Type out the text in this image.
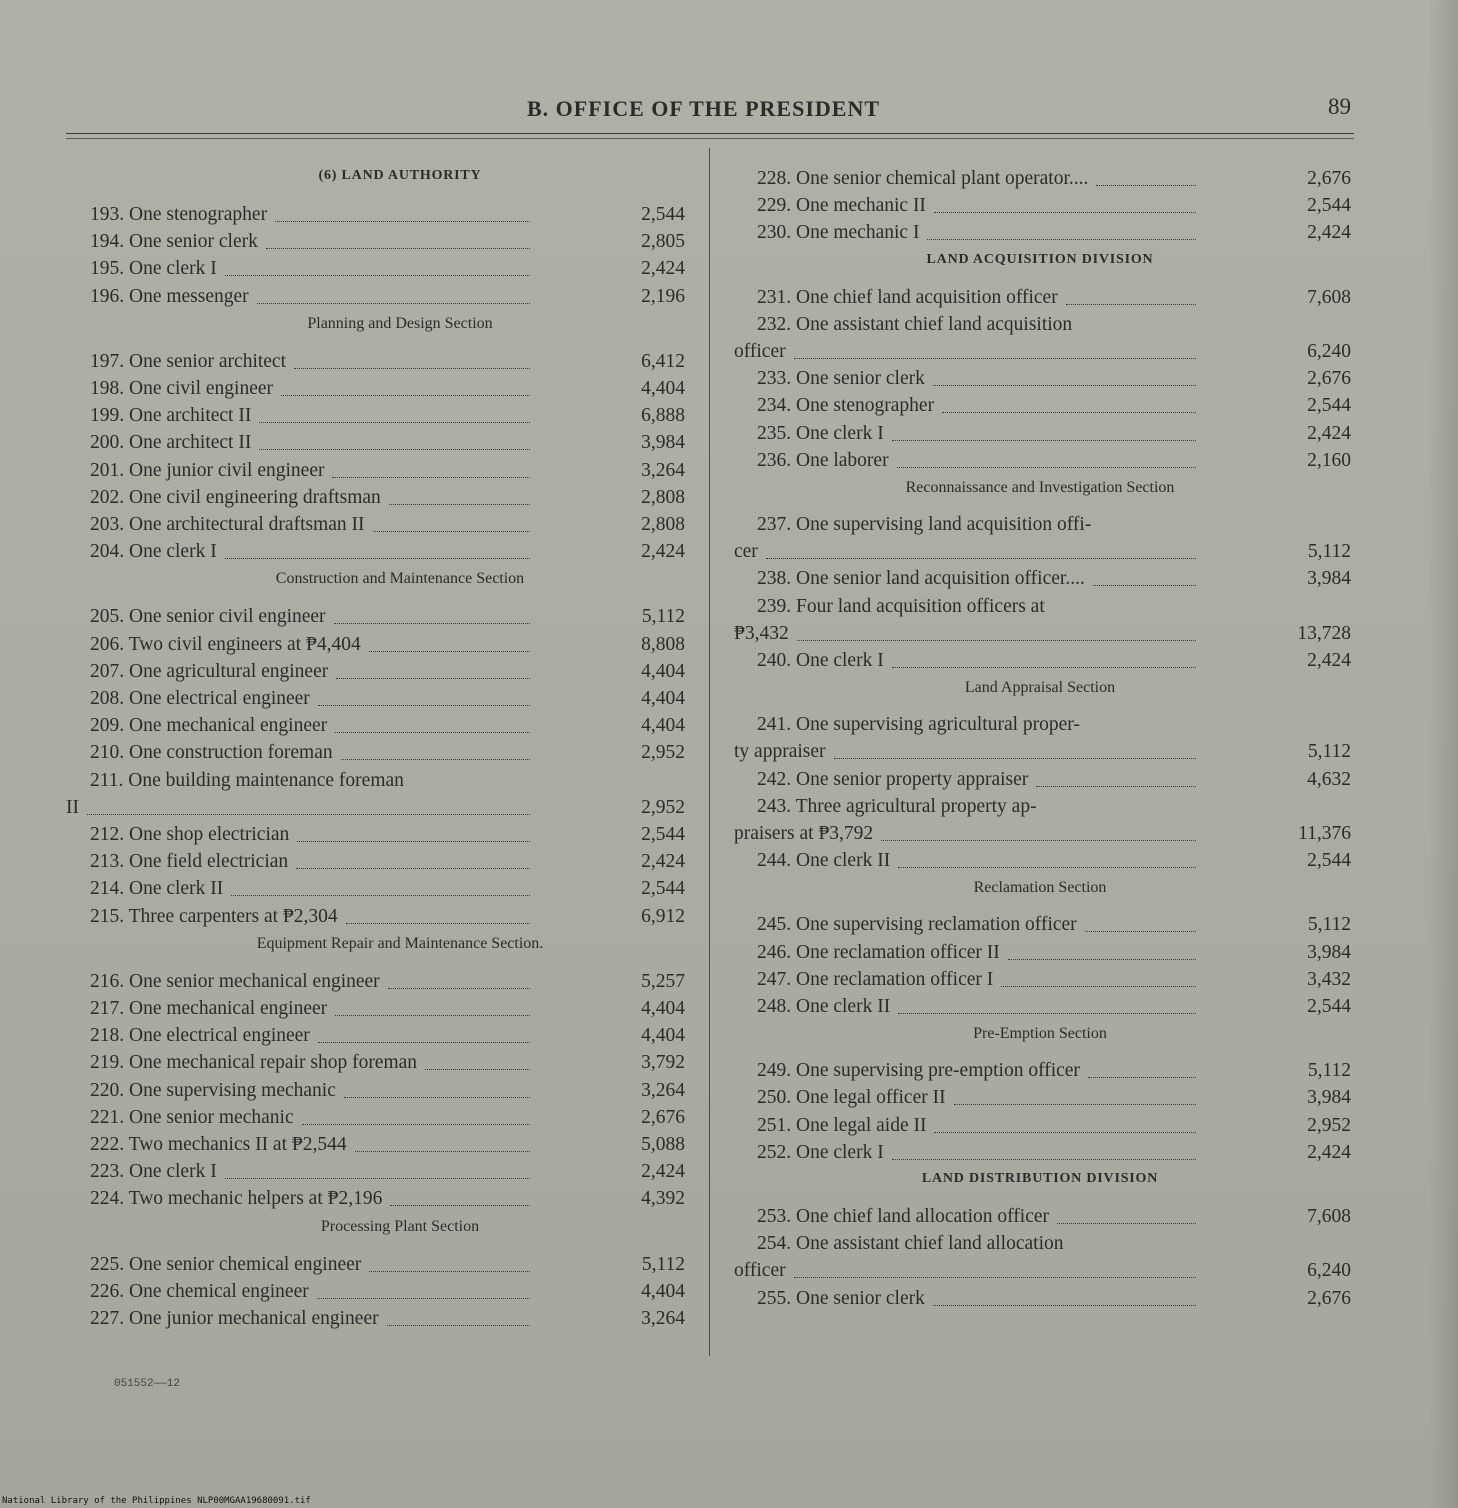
B. OFFICE OF THE PRESIDENT	89
(6) LAND AUTHORITY
193. One stenographer	2,544
194. One senior clerk	2,805
195. One clerk I	2,424
196. One messenger	2,196
Planning and Design Section
197. One senior architect	6,412
198. One civil engineer	4,404
199. One architect II	6,888
200. One architect II	3,984
201. One junior civil engineer	3,264
202. One civil engineering draftsman	2,808
203. One architectural draftsman II	2,808
204. One clerk I	2,424
Construction and Maintenance Section
205. One senior civil engineer	5,112
206. Two civil engineers at ₱4,404	8,808
207. One agricultural engineer	4,404
208. One electrical engineer	4,404
209. One mechanical engineer	4,404
210. One construction foreman	2,952
211. One building maintenance foreman
II	2,952
212. One shop electrician	2,544
213. One field electrician	2,424
214. One clerk II	2,544
215. Three carpenters at ₱2,304	6,912
Equipment Repair and Maintenance Section.
216. One senior mechanical engineer	5,257
217. One mechanical engineer	4,404
218. One electrical engineer	4,404
219. One mechanical repair shop foreman	3,792
220. One supervising mechanic	3,264
221. One senior mechanic	2,676
222. Two mechanics II at ₱2,544	5,088
223. One clerk I	2,424
224. Two mechanic helpers at ₱2,196	4,392
Processing Plant Section
225. One senior chemical engineer	5,112
226. One chemical engineer	4,404
227. One junior mechanical engineer	3,264
228. One senior chemical plant operator....	2,676
229. One mechanic II	2,544
230. One mechanic I	2,424
LAND ACQUISITION DIVISION
231. One chief land acquisition officer	7,608
232. One assistant chief land acquisition
officer	6,240
233. One senior clerk	2,676
234. One stenographer	2,544
235. One clerk I	2,424
236. One laborer	2,160
Reconnaissance and Investigation Section
237. One supervising land acquisition offi-
cer	5,112
238. One senior land acquisition officer....	3,984
239. Four land acquisition officers at
₱3,432	13,728
240. One clerk I	2,424
Land Appraisal Section
241. One supervising agricultural proper-
ty appraiser	5,112
242. One senior property appraiser	4,632
243. Three agricultural property ap-
praisers at ₱3,792	11,376
244. One clerk II	2,544
Reclamation Section
245. One supervising reclamation officer	5,112
246. One reclamation officer II	3,984
247. One reclamation officer I	3,432
248. One clerk II	2,544
Pre-Emption Section
249. One supervising pre-emption officer	5,112
250. One legal officer II	3,984
251. One legal aide II	2,952
252. One clerk I	2,424
LAND DISTRIBUTION DIVISION
253. One chief land allocation officer	7,608
254. One assistant chief land allocation
officer	6,240
255. One senior clerk	2,676
051552——12
National Library of the Philippines NLP00MGAA19680091.tif
